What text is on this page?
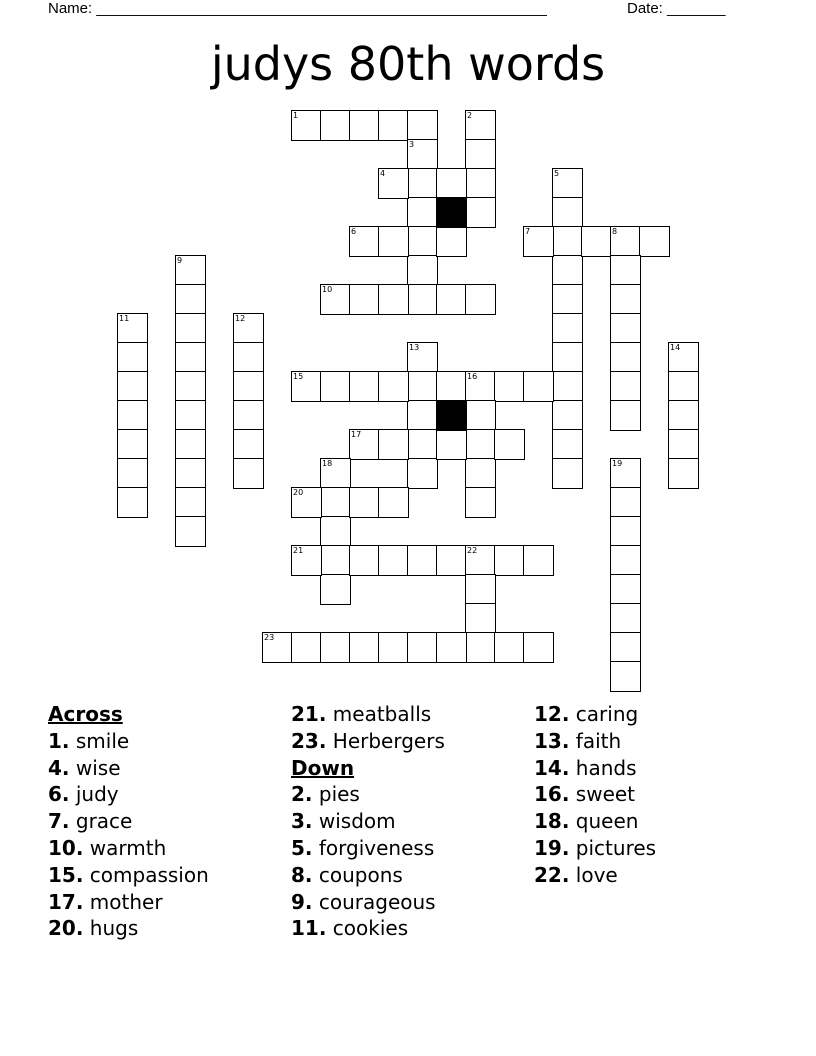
Name: ______________________________________________________	Date: _______
judys 80th words
1	2
3
4	5
6	7	8
9
10
11	12
13	14
15	16
17
18	19
20
21	22
23
Across
1. smile
4. wise
6. judy
7. grace
10. warmth
15. compassion
17. mother
20. hugs
21. meatballs
23. Herbergers
Down
2. pies
3. wisdom
5. forgiveness
8. coupons
9. courageous
11. cookies
12. caring
13. faith
14. hands
16. sweet
18. queen
19. pictures
22. love
